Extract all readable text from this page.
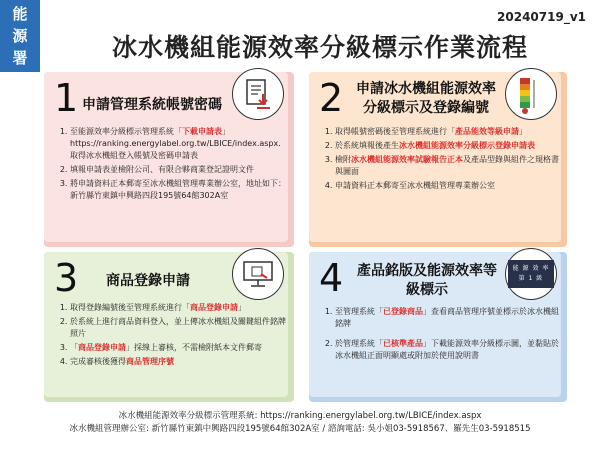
能
源
署
20240719_v1
冰水機組能源效率分級標示作業流程
1 申請管理系統帳號密碼
1. 至能源效率分級標示管理系統「下載申請表」https://ranking.energylabel.org.tw/LBICE/index.aspx.取得冰水機組登入帳號及密碼申請表
2. 填報申請表並檢附公司、有限合夥商業登記證明文件
3. 將申請資料正本郵寄至冰水機組管理專業辦公室，地址如下：新竹縣竹東鎮中興路四段195號64館302A室
2 申請冰水機組能源效率分級標示及登錄編號
1. 取得帳號密碼後至管理系統進行「產品能效等級申請」
2. 於系統填報後產生冰水機組能源效率分級標示登錄申請表
3. 檢附冰水機組能源效率試驗報告正本及產品型錄與組件之規格書與圖面
4. 申請資料正本郵寄至冰水機組管理專業辦公室
3 商品登錄申請
1. 取得登錄編號後至管理系統進行「商品登錄申請」
2. 於系統上進行商品資料登入，並上傳冰水機組及關鍵組件銘牌照片
3. 「商品登錄申請」採線上審核，不需檢附紙本文件郵寄
4. 完成審核後獲得商品管理序號
4 產品銘版及能源效率等級標示
能 源 效 率
第 1 級
1. 至管理系統「已登錄商品」查看商品管理序號並標示於冰水機組銘牌
2. 於管理系統「已核準產品」下載能源效率分級標示圖，並黏貼於冰水機組正面明顯處或附加於使用說明書
冰水機組能源效率分級標示管理系統: https://ranking.energylabel.org.tw/LBICE/index.aspx
冰水機組管理辦公室: 新竹縣竹東鎮中興路四段195號64館302A室 / 諮詢電話: 吳小姐03-5918567、羅先生03-5918515
